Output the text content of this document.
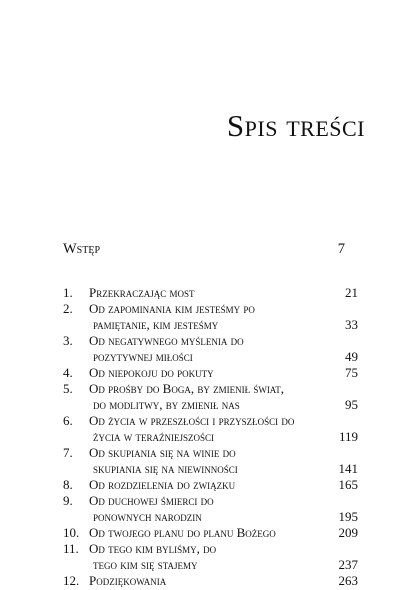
Spis treści
Wstęp	7
1. Przekraczając most	21
2. Od zapominania kim jesteśmy po
pamiętanie, kim jesteśmy	33
3. Od negatywnego myślenia do
pozytywnej miłości	49
4. Od niepokoju do pokuty	75
5. Od prośby do Boga, by zmienił świat,
do modlitwy, by zmienił nas	95
6. Od życia w przeszłości i przyszłości do
życia w teraźniejszości	119
7. Od skupiania się na winie do
skupiania się na niewinności	141
8. Od rozdzielenia do związku	165
9. Od duchowej śmierci do
ponownych narodzin	195
10. Od twojego planu do planu Bożego	209
11. Od tego kim byliśmy, do
tego kim się stajemy	237
12. Podziękowania	263
